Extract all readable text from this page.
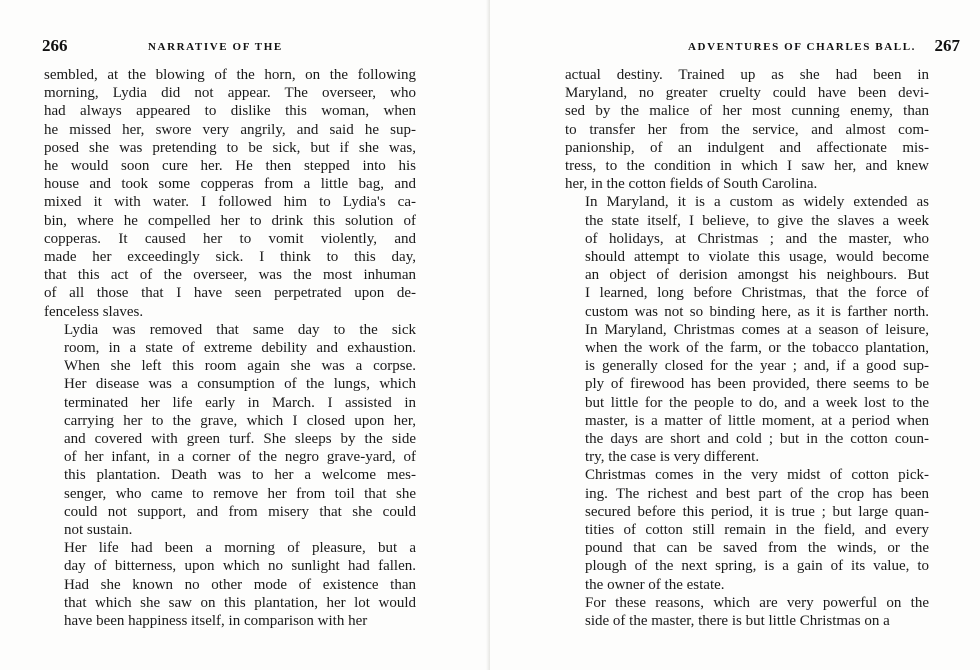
266	NARRATIVE OF THE

sembled, at the blowing of the horn, on the following
morning, Lydia did not appear. The overseer, who
had always appeared to dislike this woman, when
he missed her, swore very angrily, and said he sup-
posed she was pretending to be sick, but if she was,
he would soon cure her. He then stepped into his
house and took some copperas from a little bag, and
mixed it with water. I followed him to Lydia's ca-
bin, where he compelled her to drink this solution of
copperas. It caused her to vomit violently, and
made her exceedingly sick. I think to this day,
that this act of the overseer, was the most inhuman
of all those that I have seen perpetrated upon de-
fenceless slaves.

Lydia was removed that same day to the sick
room, in a state of extreme debility and exhaustion.
When she left this room again she was a corpse.
Her disease was a consumption of the lungs, which
terminated her life early in March. I assisted in
carrying her to the grave, which I closed upon her,
and covered with green turf. She sleeps by the side
of her infant, in a corner of the negro grave-yard, of
this plantation. Death was to her a welcome mes-
senger, who came to remove her from toil that she
could not support, and from misery that she could
not sustain.

Her life had been a morning of pleasure, but a
day of bitterness, upon which no sunlight had fallen.
Had she known no other mode of existence than
that which she saw on this plantation, her lot would
have been happiness itself, in comparison with her

ADVENTURES OF CHARLES BALL. 267

actual destiny. Trained up as she had been in
Maryland, no greater cruelty could have been devi-
sed by the malice of her most cunning enemy, than
to transfer her from the service, and almost com-
panionship, of an indulgent and affectionate mis-
tress, to the condition in which I saw her, and knew
her, in the cotton fields of South Carolina.

In Maryland, it is a custom as widely extended as
the state itself, I believe, to give the slaves a week
of holidays, at Christmas ; and the master, who
should attempt to violate this usage, would become
an object of derision amongst his neighbours. But
I learned, long before Christmas, that the force of
custom was not so binding here, as it is farther north.
In Maryland, Christmas comes at a season of leisure,
when the work of the farm, or the tobacco plantation,
is generally closed for the year ; and, if a good sup-
ply of firewood has been provided, there seems to be
but little for the people to do, and a week lost to the
master, is a matter of little moment, at a period when
the days are short and cold ; but in the cotton coun-
try, the case is very different.

Christmas comes in the very midst of cotton pick-
ing. The richest and best part of the crop has been
secured before this period, it is true ; but large quan-
tities of cotton still remain in the field, and every
pound that can be saved from the winds, or the
plough of the next spring, is a gain of its value, to
the owner of the estate.

For these reasons, which are very powerful on the
side of the master, there is but little Christmas on a
